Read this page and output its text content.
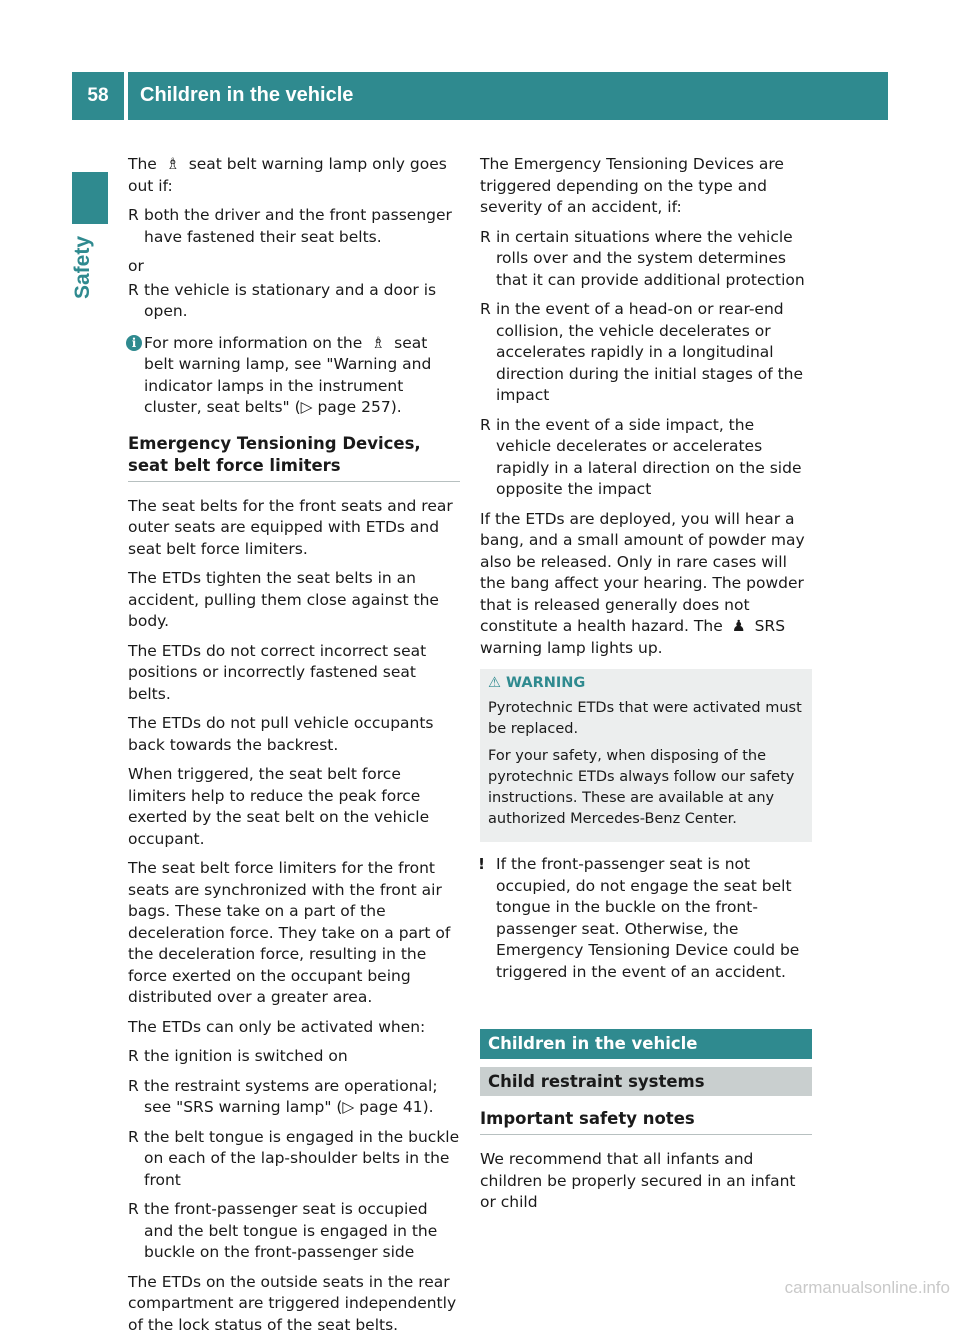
58	Children in the vehicle
Safety

The ♗ seat belt warning lamp only goes out if:

R both the driver and the front passenger have fastened their seat belts.

or

R the vehicle is stationary and a door is open.
i For more information on the ♗ seat belt warning lamp, see "Warning and indicator lamps in the instrument cluster, seat belts" (▷ page 257).
Emergency Tensioning Devices, seat belt force limiters

The seat belts for the front seats and rear outer seats are equipped with ETDs and seat belt force limiters.

The ETDs tighten the seat belts in an accident, pulling them close against the body.

The ETDs do not correct incorrect seat positions or incorrectly fastened seat belts.

The ETDs do not pull vehicle occupants back towards the backrest.

When triggered, the seat belt force limiters help to reduce the peak force exerted by the seat belt on the vehicle occupant.

The seat belt force limiters for the front seats are synchronized with the front air bags. These take on a part of the deceleration force. They take on a part of the deceleration force, resulting in the force exerted on the occupant being distributed over a greater area.

The ETDs can only be activated when:

R the ignition is switched on
R the restraint systems are operational; see "SRS warning lamp" (▷ page 41).
R the belt tongue is engaged in the buckle on each of the lap-shoulder belts in the front
R the front-passenger seat is occupied and the belt tongue is engaged in the buckle on the front-passenger side

The ETDs on the outside seats in the rear compartment are triggered independently of the lock status of the seat belts.

The Emergency Tensioning Devices are triggered depending on the type and severity of an accident, if:

R in certain situations where the vehicle rolls over and the system determines that it can provide additional protection
R in the event of a head-on or rear-end collision, the vehicle decelerates or accelerates rapidly in a longitudinal direction during the initial stages of the impact
R in the event of a side impact, the vehicle decelerates or accelerates rapidly in a lateral direction on the side opposite the impact

If the ETDs are deployed, you will hear a bang, and a small amount of powder may also be released. Only in rare cases will the bang affect your hearing. The powder that is released generally does not constitute a health hazard. The ♟ SRS warning lamp lights up.

⚠ WARNING

Pyrotechnic ETDs that were activated must be replaced.

For your safety, when disposing of the pyrotechnic ETDs always follow our safety instructions. These are available at any authorized Mercedes-Benz Center.

! If the front-passenger seat is not occupied, do not engage the seat belt tongue in the buckle on the front-passenger seat. Otherwise, the Emergency Tensioning Device could be triggered in the event of an accident.
Children in the vehicle
Child restraint systems
Important safety notes

We recommend that all infants and children be properly secured in an infant or child

carmanualsonline.info
